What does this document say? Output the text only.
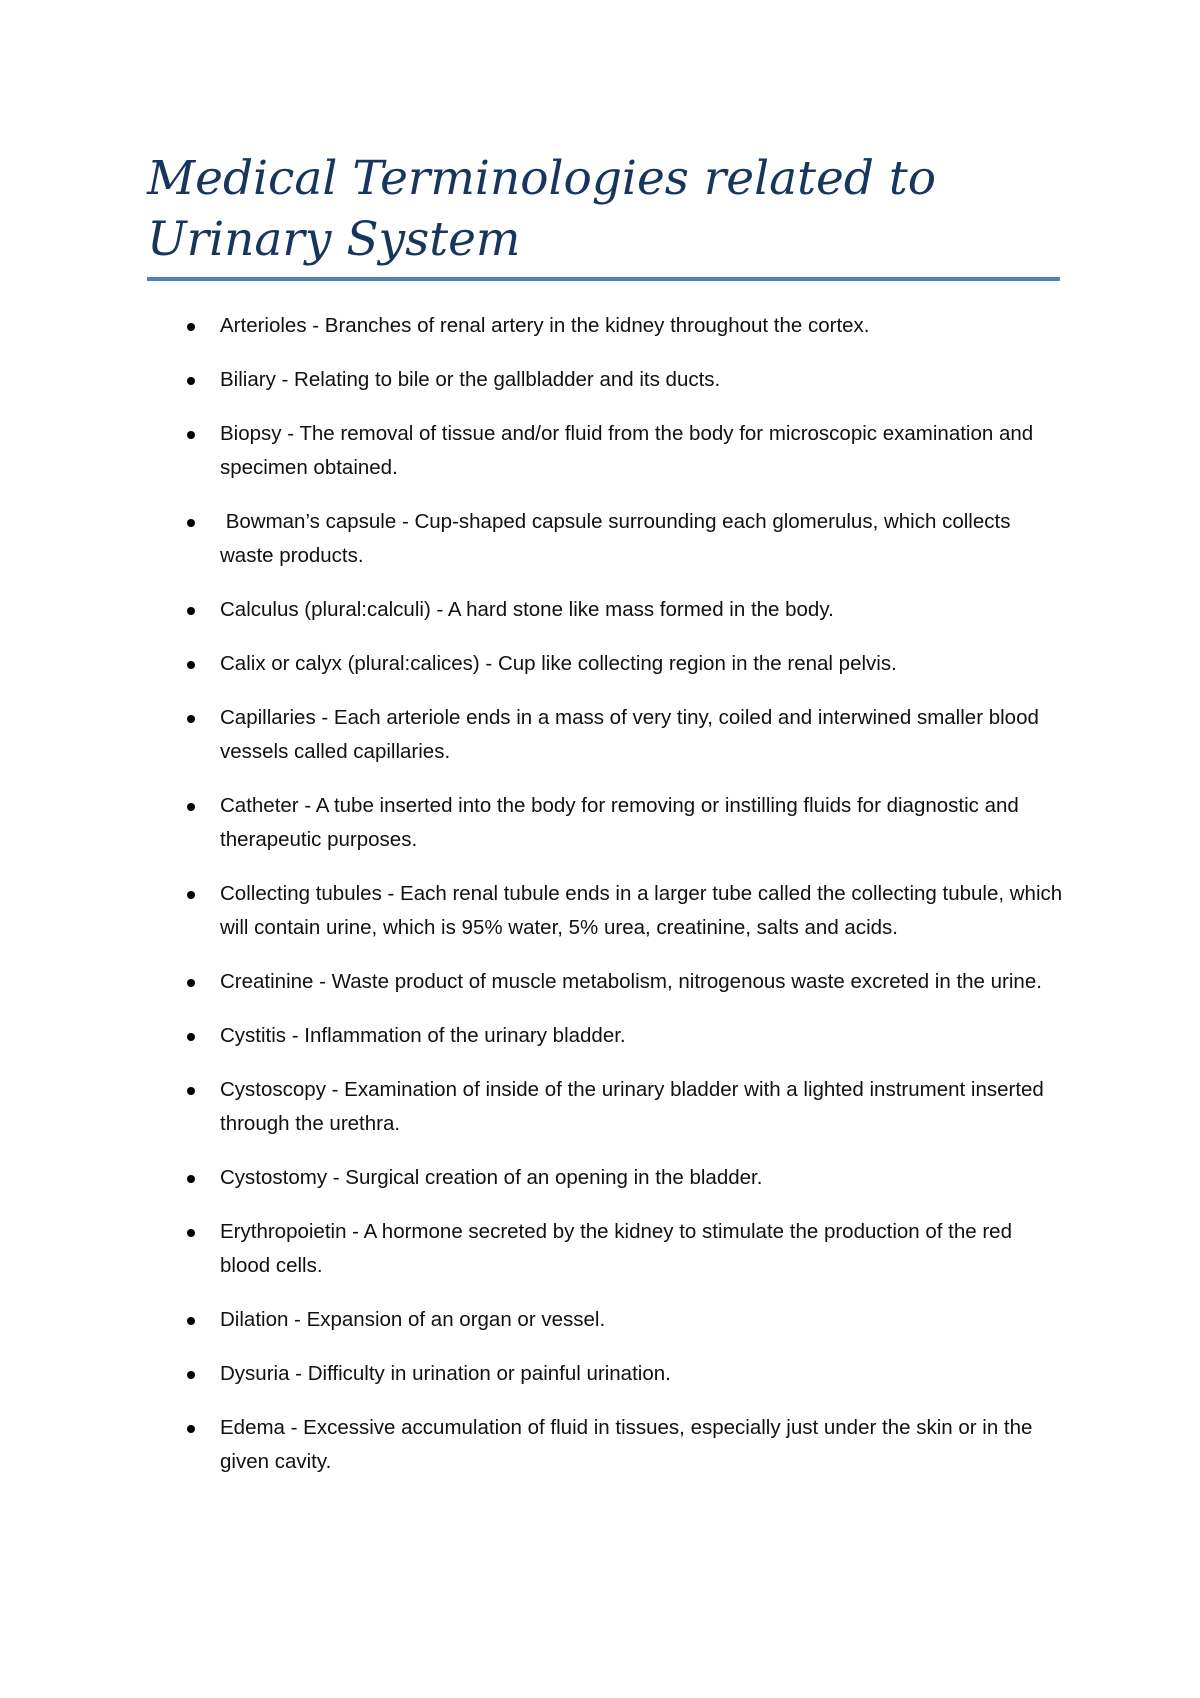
Medical Terminologies related to Urinary System
Arterioles - Branches of renal artery in the kidney throughout the cortex.
Biliary - Relating to bile or the gallbladder and its ducts.
Biopsy - The removal of tissue and/or fluid from the body for microscopic examination and specimen obtained.
Bowman’s capsule - Cup-shaped capsule surrounding each glomerulus, which collects waste products.
Calculus (plural:calculi) - A hard stone like mass formed in the body.
Calix or calyx (plural:calices) - Cup like collecting region in the renal pelvis.
Capillaries - Each arteriole ends in a mass of very tiny, coiled and interwined smaller blood vessels called capillaries.
Catheter - A tube inserted into the body for removing or instilling fluids for diagnostic and therapeutic purposes.
Collecting tubules - Each renal tubule ends in a larger tube called the collecting tubule, which will contain urine, which is 95% water, 5% urea, creatinine, salts and acids.
Creatinine - Waste product of muscle metabolism, nitrogenous waste excreted in the urine.
Cystitis - Inflammation of the urinary bladder.
Cystoscopy - Examination of inside of the urinary bladder with a lighted instrument inserted through the urethra.
Cystostomy - Surgical creation of an opening in the bladder.
Erythropoietin - A hormone secreted by the kidney to stimulate the production of the red blood cells.
Dilation - Expansion of an organ or vessel.
Dysuria - Difficulty in urination or painful urination.
Edema - Excessive accumulation of fluid in tissues, especially just under the skin or in the given cavity.
